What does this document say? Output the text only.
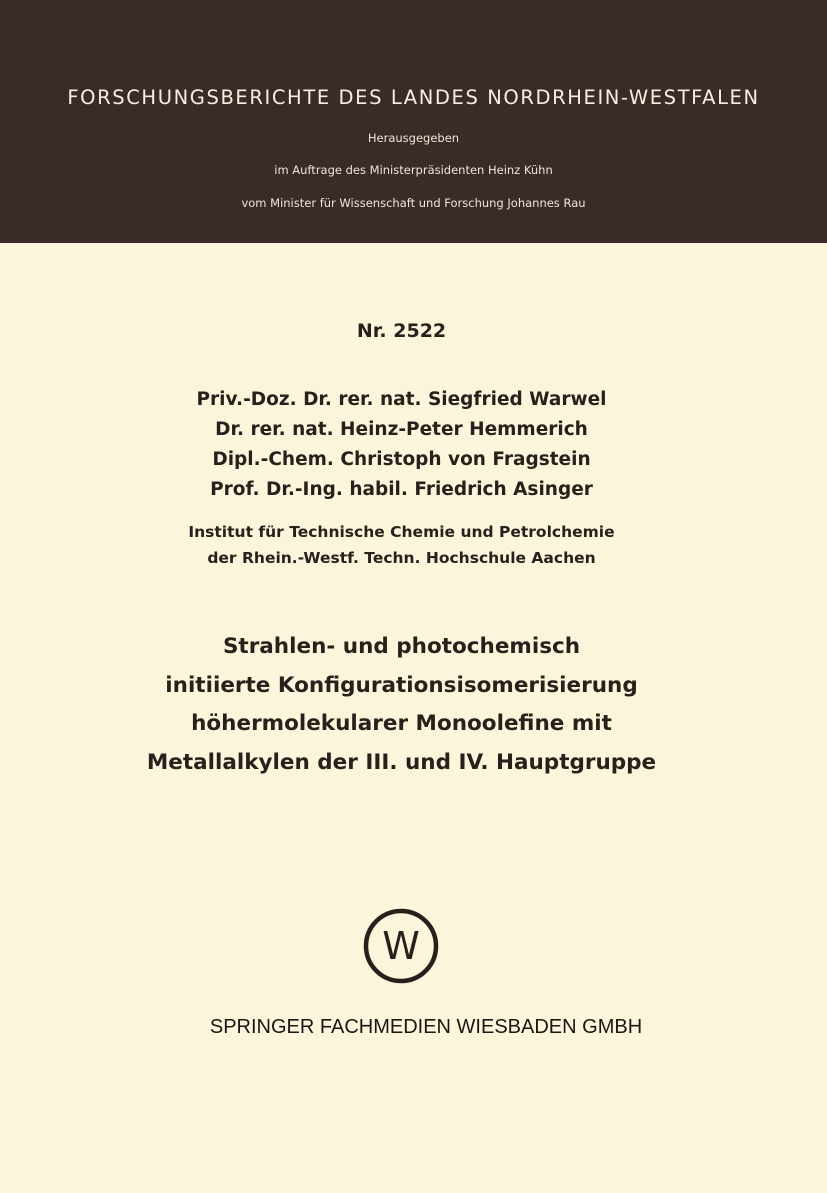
FORSCHUNGSBERICHTE DES LANDES NORDRHEIN-WESTFALEN
Herausgegeben
im Auftrage des Ministerpräsidenten Heinz Kühn
vom Minister für Wissenschaft und Forschung Johannes Rau
Nr. 2522
Priv.-Doz. Dr. rer. nat. Siegfried Warwel
Dr. rer. nat. Heinz-Peter Hemmerich
Dipl.-Chem. Christoph von Fragstein
Prof. Dr.-Ing. habil. Friedrich Asinger
Institut für Technische Chemie und Petrolchemie
der Rhein.-Westf. Techn. Hochschule Aachen
Strahlen- und photochemisch
initiierte Konfigurationsisomerisierung
höhermolekularer Monoolefine mit
Metallalkylen der III. und IV. Hauptgruppe
W
SPRINGER FACHMEDIEN WIESBADEN GMBH
